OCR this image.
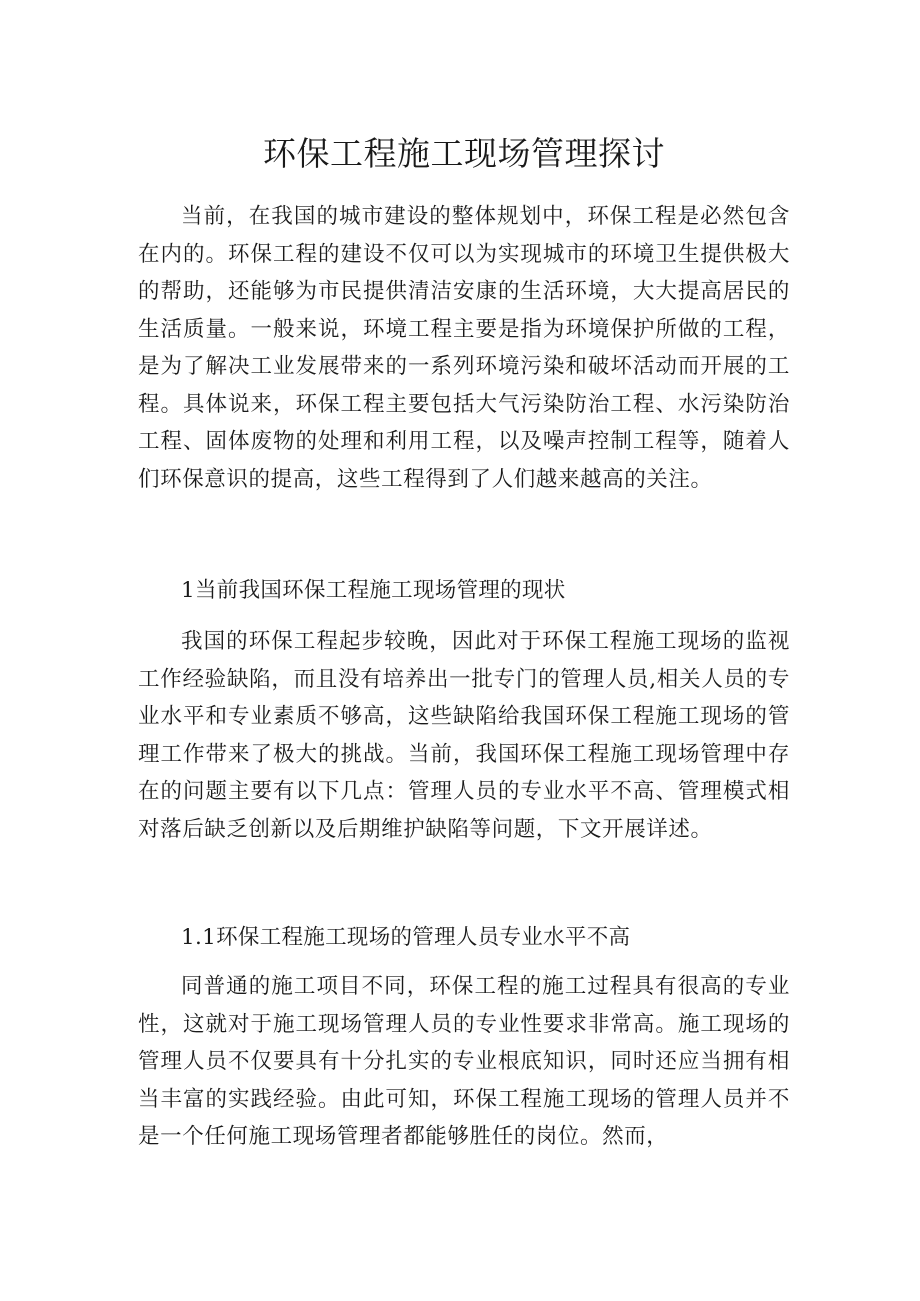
环保工程施工现场管理探讨

当前，在我国的城市建设的整体规划中，环保工程是必然包含在内的。环保工程的建设不仅可以为实现城市的环境卫生提供极大的帮助，还能够为市民提供清洁安康的生活环境，大大提高居民的生活质量。一般来说，环境工程主要是指为环境保护所做的工程，是为了解决工业发展带来的一系列环境污染和破坏活动而开展的工程。具体说来，环保工程主要包括大气污染防治工程、水污染防治工程、固体废物的处理和利用工程，以及噪声控制工程等，随着人们环保意识的提高，这些工程得到了人们越来越高的关注。

1当前我国环保工程施工现场管理的现状

我国的环保工程起步较晚，因此对于环保工程施工现场的监视工作经验缺陷，而且没有培养出一批专门的管理人员,相关人员的专业水平和专业素质不够高，这些缺陷给我国环保工程施工现场的管理工作带来了极大的挑战。当前，我国环保工程施工现场管理中存在的问题主要有以下几点：管理人员的专业水平不高、管理模式相对落后缺乏创新以及后期维护缺陷等问题，下文开展详述。

1.1环保工程施工现场的管理人员专业水平不高

同普通的施工项目不同，环保工程的施工过程具有很高的专业性，这就对于施工现场管理人员的专业性要求非常高。施工现场的管理人员不仅要具有十分扎实的专业根底知识，同时还应当拥有相当丰富的实践经验。由此可知，环保工程施工现场的管理人员并不是一个任何施工现场管理者都能够胜任的岗位。然而，
